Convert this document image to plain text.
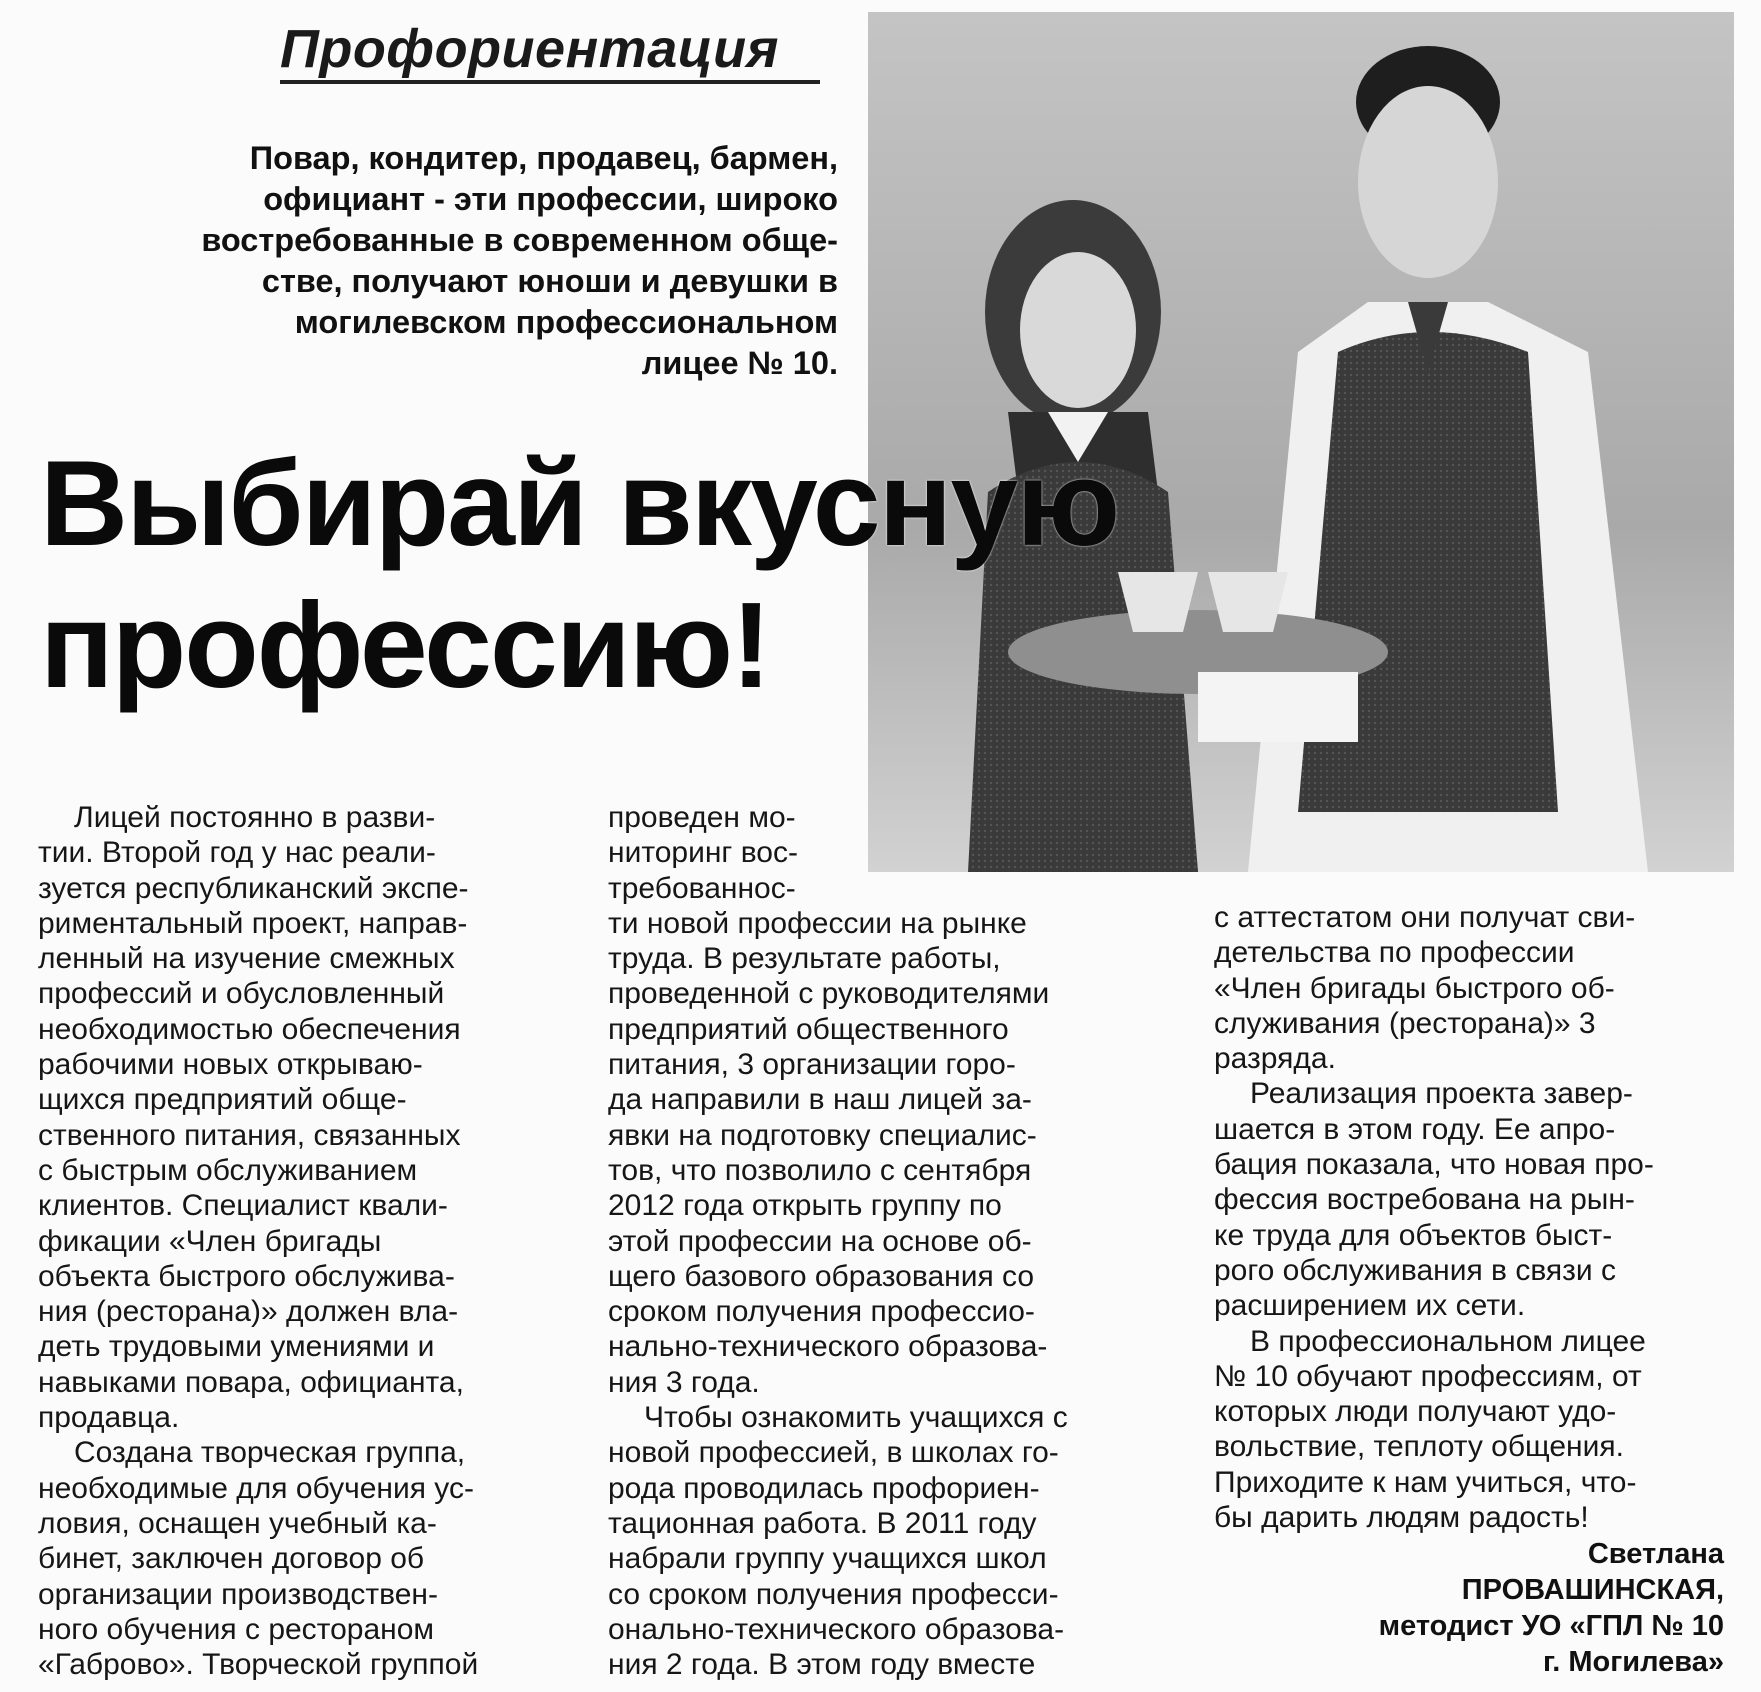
Профориентация
Повар, кондитер, продавец, бармен,
официант - эти профессии, широко
востребованные в современном обще-
стве, получают юноши и девушки в
могилевском профессиональном
лицее № 10.
Выбирай вкусную
профессию!
Лицей постоянно в разви-
тии. Второй год у нас реали-
зуется республиканский экспе-
риментальный проект, направ-
ленный на изучение смежных
профессий и обусловленный
необходимостью обеспечения
рабочими новых открываю-
щихся предприятий обще-
ственного питания, связанных
с быстрым обслуживанием
клиентов. Специалист квали-
фикации «Член бригады
объекта быстрого обслужива-
ния (ресторана)» должен вла-
деть трудовыми умениями и
навыками повара, официанта,
продавца.
Создана творческая группа,
необходимые для обучения ус-
ловия, оснащен учебный ка-
бинет, заключен договор об
организации производствен-
ного обучения с рестораном
«Габрово». Творческой группой
проведен мо-
ниторинг вос-
требованнос-
ти новой профессии на рынке
труда. В результате работы,
проведенной с руководителями
предприятий общественного
питания, 3 организации горо-
да направили в наш лицей за-
явки на подготовку специалис-
тов, что позволило с сентября
2012 года открыть группу по
этой профессии на основе об-
щего базового образования со
сроком получения профессио-
нально-технического образова-
ния 3 года.
Чтобы ознакомить учащихся с
новой профессией, в школах го-
рода проводилась профориен-
тационная работа. В 2011 году
набрали группу учащихся школ
со сроком получения професси-
онально-технического образова-
ния 2 года. В этом году вместе
с аттестатом они получат сви-
детельства по профессии
«Член бригады быстрого об-
служивания (ресторана)» 3
разряда.
Реализация проекта завер-
шается в этом году. Ее апро-
бация показала, что новая про-
фессия востребована на рын-
ке труда для объектов быст-
рого обслуживания в связи с
расширением их сети.
В профессиональном лицее
№ 10 обучают профессиям, от
которых люди получают удо-
вольствие, теплоту общения.
Приходите к нам учиться, что-
бы дарить людям радость!
Светлана
ПРОВАШИНСКАЯ,
методист УО «ГПЛ № 10
г. Могилева»
